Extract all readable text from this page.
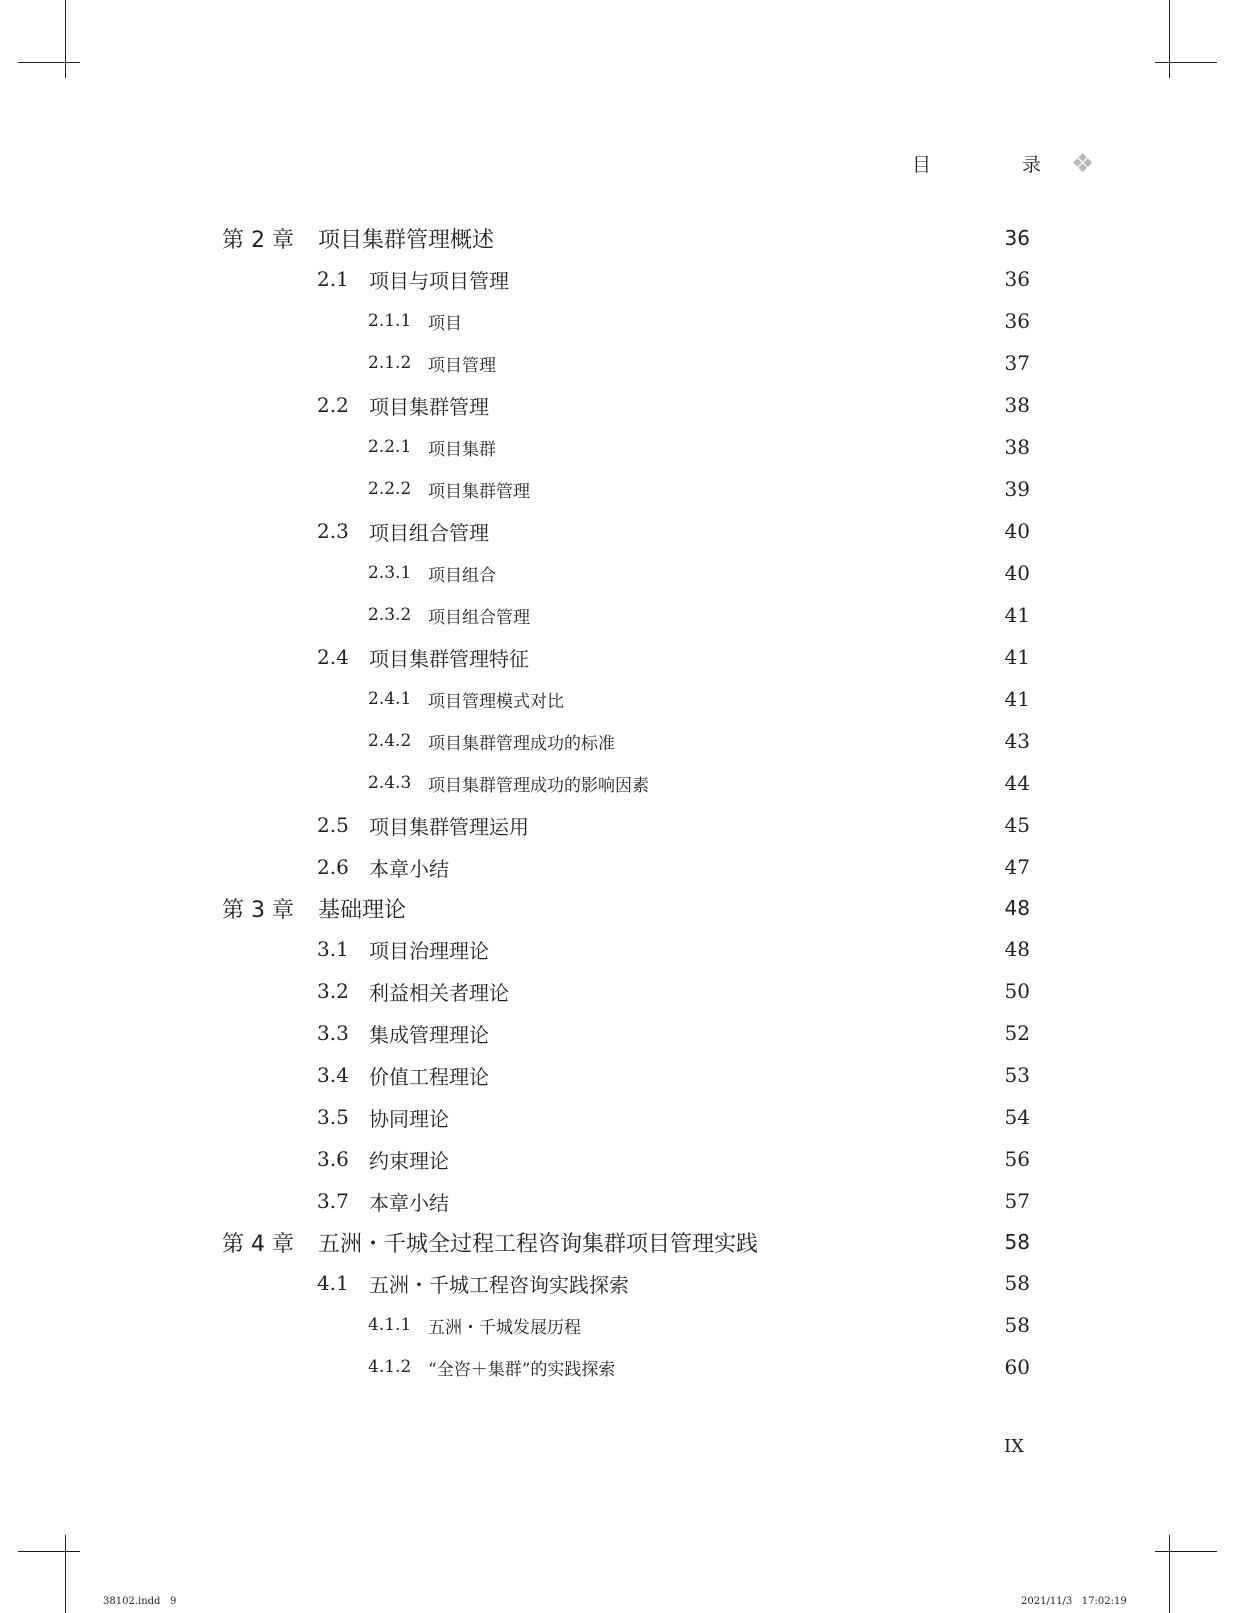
目　录
❖
第 2 章	项目集群管理概述	36
2.1	项目与项目管理	36
2.1.1 项目	36
2.1.2 项目管理	37
2.2	项目集群管理	38
2.2.1 项目集群	38
2.2.2 项目集群管理	39
2.3	项目组合管理	40
2.3.1 项目组合	40
2.3.2 项目组合管理	41
2.4	项目集群管理特征	41
2.4.1 项目管理模式对比	41
2.4.2 项目集群管理成功的标准	43
2.4.3 项目集群管理成功的影响因素	44
2.5	项目集群管理运用	45
2.6	本章小结	47
第 3 章	基础理论	48
3.1	项目治理理论	48
3.2	利益相关者理论	50
3.3	集成管理理论	52
3.4	价值工程理论	53
3.5	协同理论	54
3.6	约束理论	56
3.7	本章小结	57
第 4 章	五洲・千城全过程工程咨询集群项目管理实践	58
4.1	五洲・千城工程咨询实践探索	58
4.1.1 五洲・千城发展历程	58
4.1.2 “全咨＋集群”的实践探索	60
IX
38102.indd   9	2021/11/3   17:02:19
